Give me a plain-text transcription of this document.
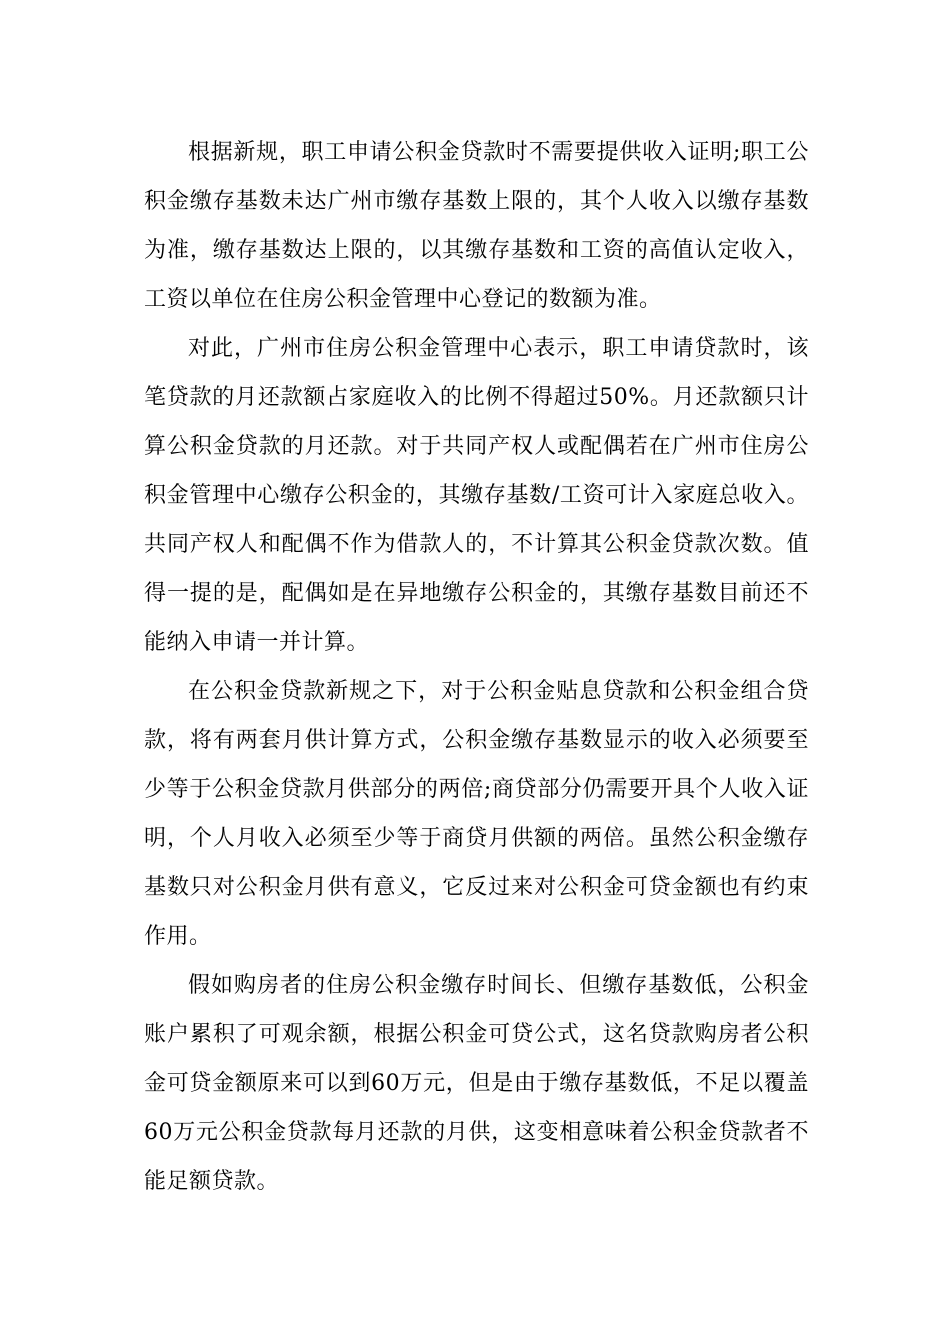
根据新规，职工申请公积金贷款时不需要提供收入证明;职工公积金缴存基数未达广州市缴存基数上限的，其个人收入以缴存基数为准，缴存基数达上限的，以其缴存基数和工资的高值认定收入，工资以单位在住房公积金管理中心登记的数额为准。

对此，广州市住房公积金管理中心表示，职工申请贷款时，该笔贷款的月还款额占家庭收入的比例不得超过50%。月还款额只计算公积金贷款的月还款。对于共同产权人或配偶若在广州市住房公积金管理中心缴存公积金的，其缴存基数/工资可计入家庭总收入。共同产权人和配偶不作为借款人的，不计算其公积金贷款次数。值得一提的是，配偶如是在异地缴存公积金的，其缴存基数目前还不能纳入申请一并计算。

在公积金贷款新规之下，对于公积金贴息贷款和公积金组合贷款，将有两套月供计算方式，公积金缴存基数显示的收入必须要至少等于公积金贷款月供部分的两倍;商贷部分仍需要开具个人收入证明，个人月收入必须至少等于商贷月供额的两倍。虽然公积金缴存基数只对公积金月供有意义，它反过来对公积金可贷金额也有约束作用。

假如购房者的住房公积金缴存时间长、但缴存基数低，公积金账户累积了可观余额，根据公积金可贷公式，这名贷款购房者公积金可贷金额原来可以到60万元，但是由于缴存基数低，不足以覆盖60万元公积金贷款每月还款的月供，这变相意味着公积金贷款者不能足额贷款。
